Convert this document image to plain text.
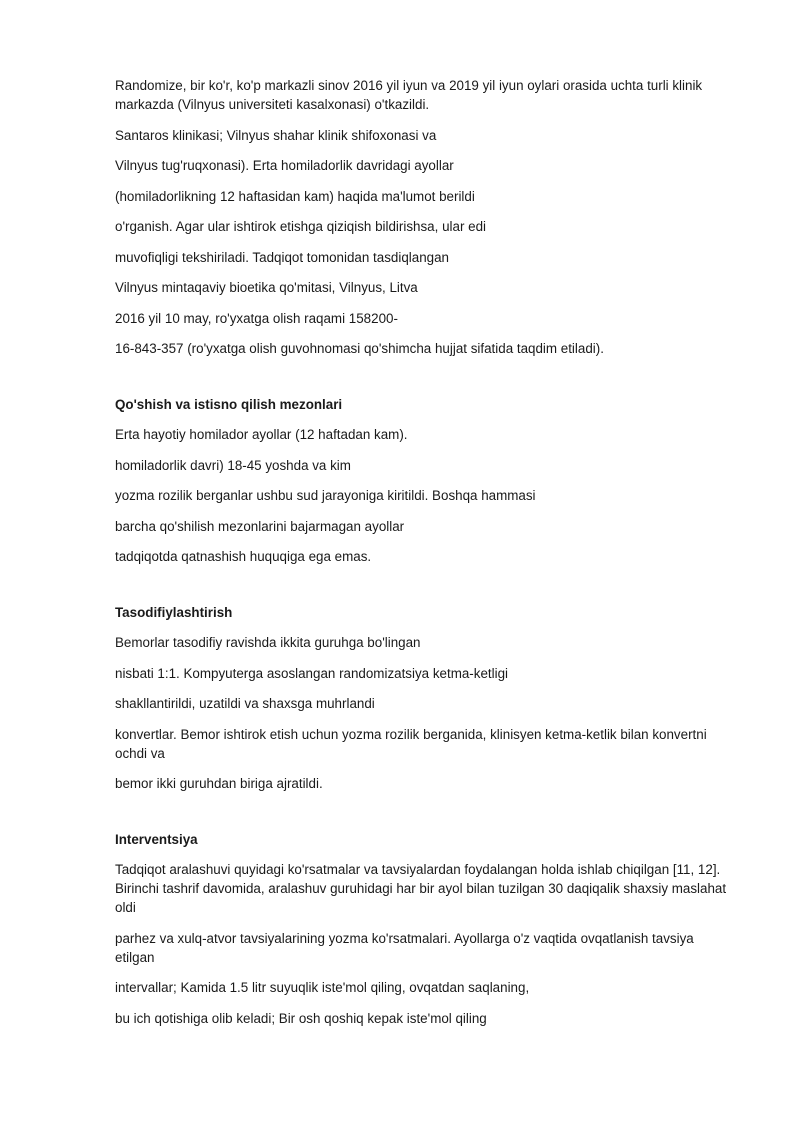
Randomize, bir ko'r, ko'p markazli sinov 2016 yil iyun va 2019 yil iyun oylari orasida uchta turli klinik markazda (Vilnyus universiteti kasalxonasi) o'tkazildi.

Santaros klinikasi; Vilnyus shahar klinik shifoxonasi va

Vilnyus tug'ruqxonasi). Erta homiladorlik davridagi ayollar

(homiladorlikning 12 haftasidan kam) haqida ma'lumot berildi

o'rganish. Agar ular ishtirok etishga qiziqish bildirishsa, ular edi

muvofiqligi tekshiriladi. Tadqiqot tomonidan tasdiqlangan

Vilnyus mintaqaviy bioetika qo'mitasi, Vilnyus, Litva

2016 yil 10 may, ro'yxatga olish raqami 158200-

16-843-357 (ro'yxatga olish guvohnomasi qo'shimcha hujjat sifatida taqdim etiladi).

Qo'shish va istisno qilish mezonlari

Erta hayotiy homilador ayollar (12 haftadan kam).

homiladorlik davri) 18-45 yoshda va kim

yozma rozilik berganlar ushbu sud jarayoniga kiritildi. Boshqa hammasi

barcha qo'shilish mezonlarini bajarmagan ayollar

tadqiqotda qatnashish huquqiga ega emas.

Tasodifiylashtirish

Bemorlar tasodifiy ravishda ikkita guruhga bo'lingan

nisbati 1:1. Kompyuterga asoslangan randomizatsiya ketma-ketligi

shakllantirildi, uzatildi va shaxsga muhrlandi

konvertlar. Bemor ishtirok etish uchun yozma rozilik berganida, klinisyen ketma-ketlik bilan konvertni ochdi va

bemor ikki guruhdan biriga ajratildi.

Interventsiya

Tadqiqot aralashuvi quyidagi ko'rsatmalar va tavsiyalardan foydalangan holda ishlab chiqilgan [11, 12]. Birinchi tashrif davomida, aralashuv guruhidagi har bir ayol bilan tuzilgan 30 daqiqalik shaxsiy maslahat oldi

parhez va xulq-atvor tavsiyalarining yozma ko'rsatmalari. Ayollarga o'z vaqtida ovqatlanish tavsiya etilgan

intervallar; Kamida 1.5 litr suyuqlik iste'mol qiling, ovqatdan saqlaning,

bu ich qotishiga olib keladi; Bir osh qoshiq kepak iste'mol qiling
